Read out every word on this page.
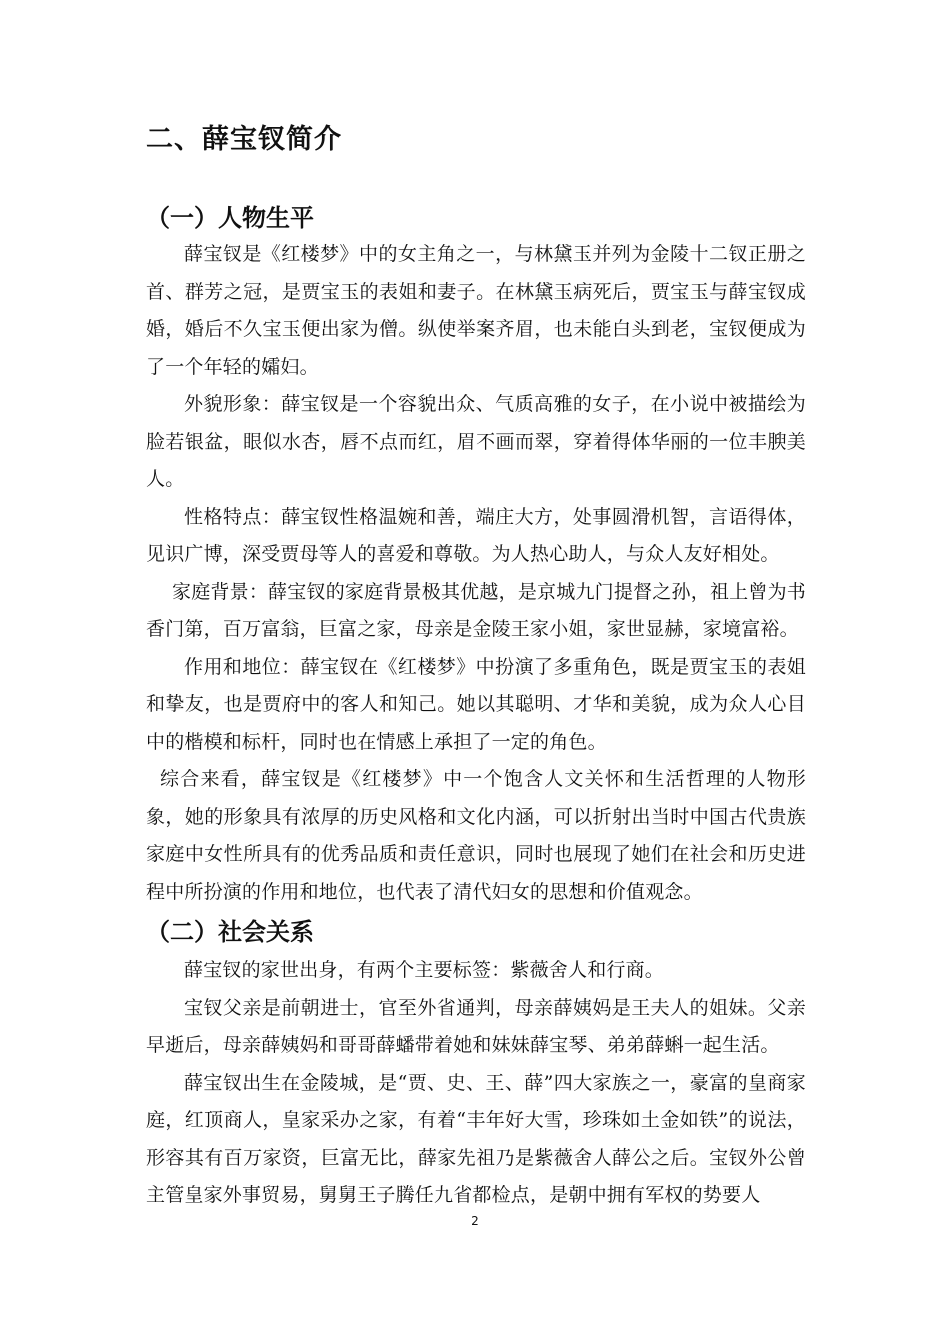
二、薛宝钗简介
（一）人物生平

薛宝钗是《红楼梦》中的女主角之一，与林黛玉并列为金陵十二钗正册之首、群芳之冠，是贾宝玉的表姐和妻子。在林黛玉病死后，贾宝玉与薛宝钗成婚，婚后不久宝玉便出家为僧。纵使举案齐眉，也未能白头到老，宝钗便成为了一个年轻的孀妇。

外貌形象：薛宝钗是一个容貌出众、气质高雅的女子，在小说中被描绘为脸若银盆，眼似水杏，唇不点而红，眉不画而翠，穿着得体华丽的一位丰腴美人。

性格特点：薛宝钗性格温婉和善，端庄大方，处事圆滑机智，言语得体，见识广博，深受贾母等人的喜爱和尊敬。为人热心助人，与众人友好相处。

家庭背景：薛宝钗的家庭背景极其优越，是京城九门提督之孙，祖上曾为书香门第，百万富翁，巨富之家，母亲是金陵王家小姐，家世显赫，家境富裕。

作用和地位：薛宝钗在《红楼梦》中扮演了多重角色，既是贾宝玉的表姐和挚友，也是贾府中的客人和知己。她以其聪明、才华和美貌，成为众人心目中的楷模和标杆，同时也在情感上承担了一定的角色。

综合来看，薛宝钗是《红楼梦》中一个饱含人文关怀和生活哲理的人物形象，她的形象具有浓厚的历史风格和文化内涵，可以折射出当时中国古代贵族家庭中女性所具有的优秀品质和责任意识，同时也展现了她们在社会和历史进程中所扮演的作用和地位，也代表了清代妇女的思想和价值观念。

（二）社会关系

薛宝钗的家世出身，有两个主要标签：紫薇舍人和行商。

宝钗父亲是前朝进士，官至外省通判，母亲薛姨妈是王夫人的姐妹。父亲早逝后，母亲薛姨妈和哥哥薛蟠带着她和妹妹薛宝琴、弟弟薛蝌一起生活。

薛宝钗出生在金陵城，是“贾、史、王、薛”四大家族之一，豪富的皇商家庭，红顶商人，皇家采办之家，有着“丰年好大雪，珍珠如土金如铁”的说法，形容其有百万家资，巨富无比，薛家先祖乃是紫薇舍人薛公之后。宝钗外公曾主管皇家外事贸易，舅舅王子腾任九省都检点，是朝中拥有军权的势要人

2
